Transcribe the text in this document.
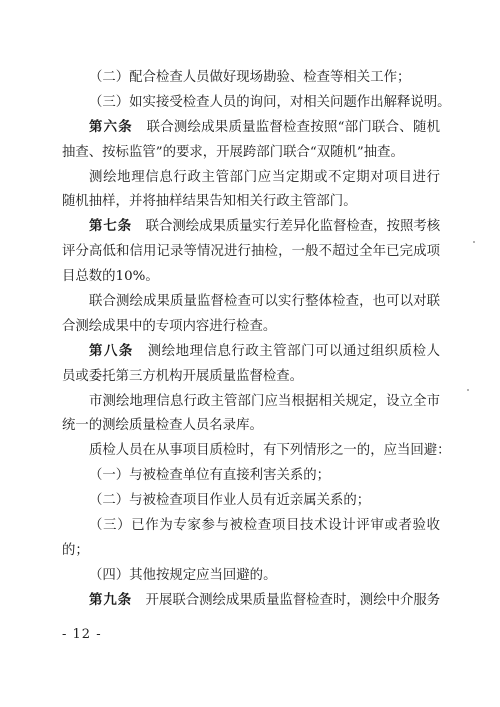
（二）配合检查人员做好现场勘验、检查等相关工作；
（三）如实接受检查人员的询问，对相关问题作出解释说明。
第六条　联合测绘成果质量监督检查按照“部门联合、随机
抽查、按标监管”的要求，开展跨部门联合“双随机”抽查。
测绘地理信息行政主管部门应当定期或不定期对项目进行
随机抽样，并将抽样结果告知相关行政主管部门。
第七条　联合测绘成果质量实行差异化监督检查，按照考核
评分高低和信用记录等情况进行抽检，一般不超过全年已完成项
目总数的10%。
联合测绘成果质量监督检查可以实行整体检查，也可以对联
合测绘成果中的专项内容进行检查。
第八条　测绘地理信息行政主管部门可以通过组织质检人
员或委托第三方机构开展质量监督检查。
市测绘地理信息行政主管部门应当根据相关规定，设立全市
统一的测绘质量检查人员名录库。
质检人员在从事项目质检时，有下列情形之一的，应当回避：
（一）与被检查单位有直接利害关系的；
（二）与被检查项目作业人员有近亲属关系的；
（三）已作为专家参与被检查项目技术设计评审或者验收
的；
（四）其他按规定应当回避的。
第九条　开展联合测绘成果质量监督检查时，测绘中介服务
- 12 -
